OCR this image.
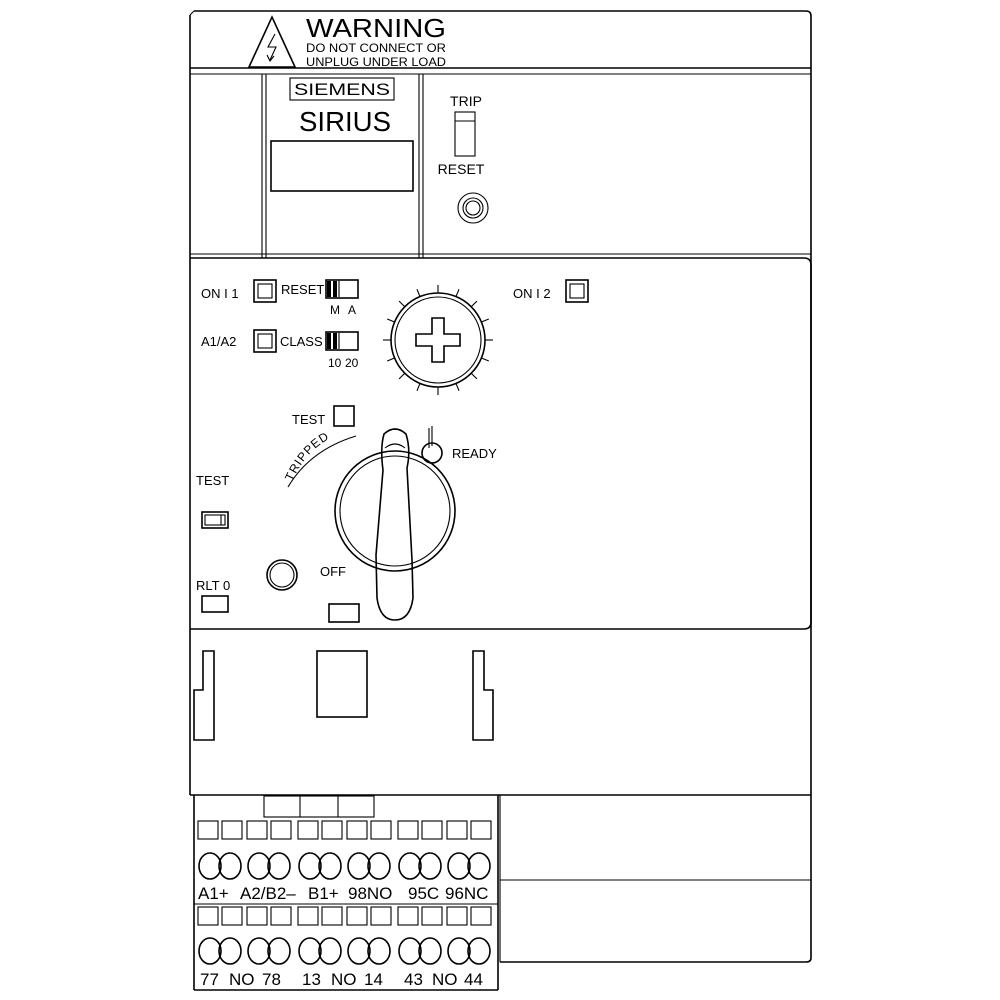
WARNING
DO NOT CONNECT OR
UNPLUG UNDER LOAD
SIEMENS
SIRIUS
TRIP
RESET
ON I 1
A1/A2
ON I 2
RESET
M A
CLASS
10 20
TEST
TRIPPED
READY
TEST
RLT 0
OFF
A1+ A2/B2– B1+ 98NO 95C 96NC
77 NO 78 13 NO 14 43 NO 44
